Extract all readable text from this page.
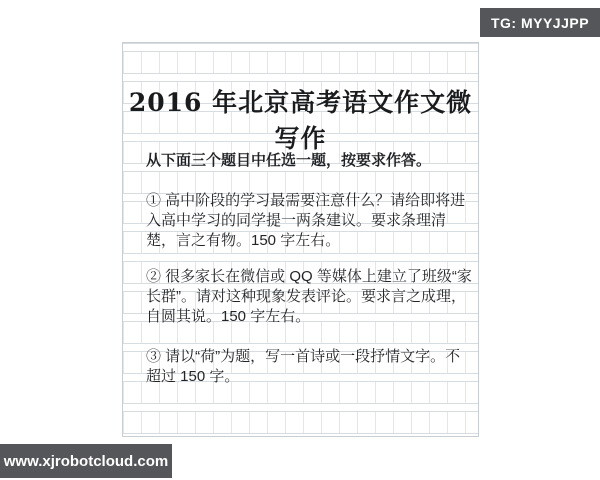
2016 年北京高考语文作文微写作

从下面三个题目中任选一题，按要求作答。

① 高中阶段的学习最需要注意什么？请给即将进入高中学习的同学提一两条建议。要求条理清楚，言之有物。150 字左右。

② 很多家长在微信或 QQ 等媒体上建立了班级“家长群”。请对这种现象发表评论。要求言之成理，自圆其说。150 字左右。

③ 请以“荷”为题，写一首诗或一段抒情文字。不超过 150 字。

TG: MYYJJPP
www.xjrobotcloud.com
